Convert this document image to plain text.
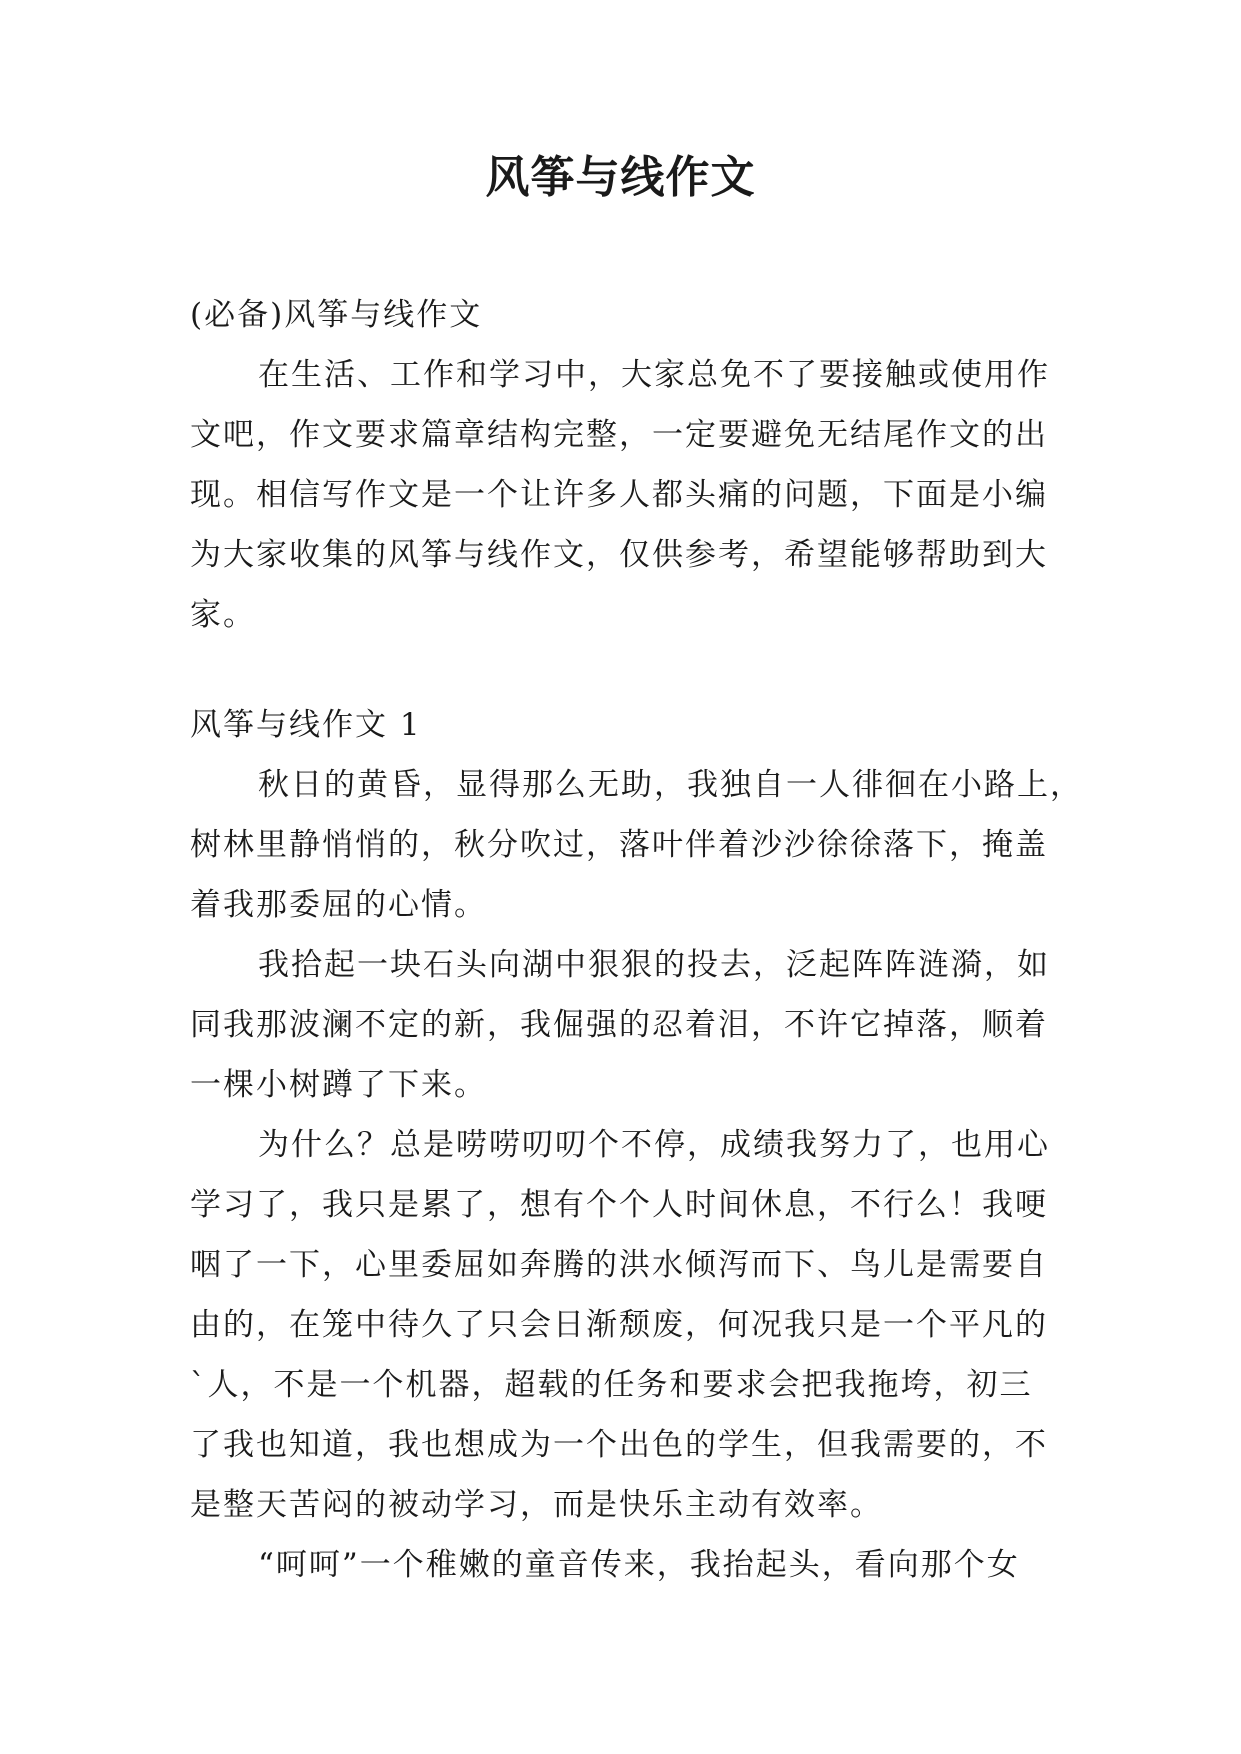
风筝与线作文
(必备)风筝与线作文
在生活、工作和学习中，大家总免不了要接触或使用作
文吧，作文要求篇章结构完整，一定要避免无结尾作文的出
现。相信写作文是一个让许多人都头痛的问题，下面是小编
为大家收集的风筝与线作文，仅供参考，希望能够帮助到大
家。
风筝与线作文 1
秋日的黄昏，显得那么无助，我独自一人徘徊在小路上，
树林里静悄悄的，秋分吹过，落叶伴着沙沙徐徐落下，掩盖
着我那委屈的心情。
我拾起一块石头向湖中狠狠的投去，泛起阵阵涟漪，如
同我那波澜不定的新，我倔强的忍着泪，不许它掉落，顺着
一棵小树蹲了下来。
为什么？总是唠唠叨叨个不停，成绩我努力了，也用心
学习了，我只是累了，想有个个人时间休息，不行么！我哽
咽了一下，心里委屈如奔腾的洪水倾泻而下、鸟儿是需要自
由的，在笼中待久了只会日渐颓废，何况我只是一个平凡的
`人，不是一个机器，超载的任务和要求会把我拖垮，初三
了我也知道，我也想成为一个出色的学生，但我需要的，不
是整天苦闷的被动学习，而是快乐主动有效率。
“呵呵”一个稚嫩的童音传来，我抬起头，看向那个女
